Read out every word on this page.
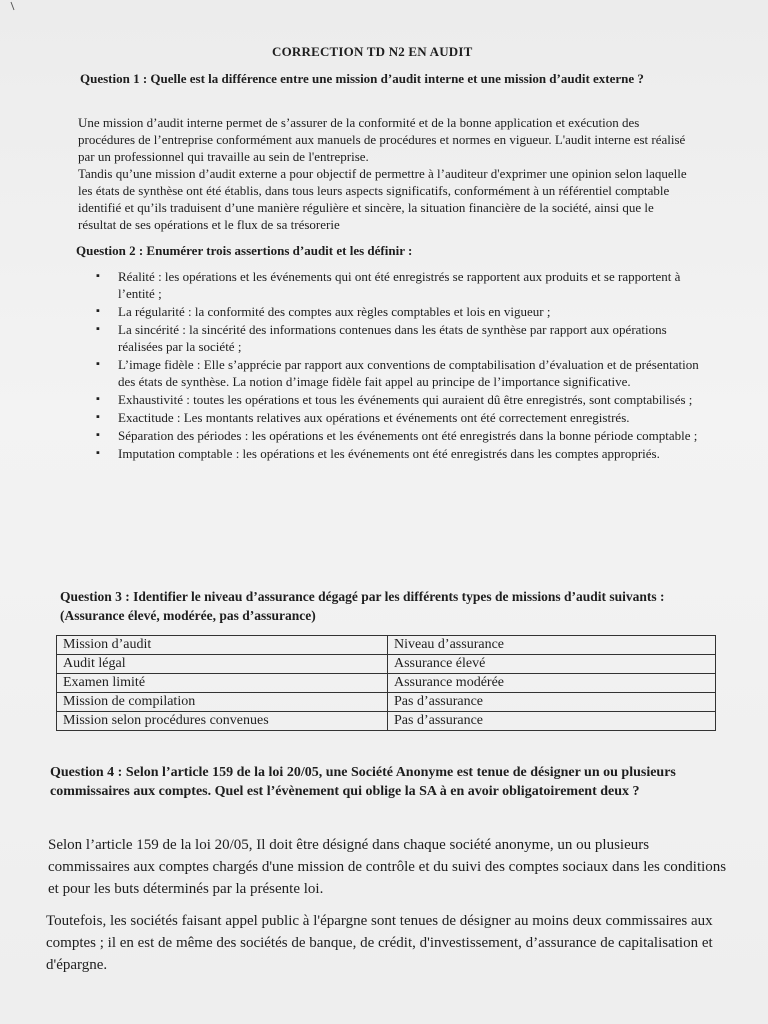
CORRECTION TD N2 EN AUDIT
Question 1 : Quelle est la différence entre une mission d’audit interne et une mission d’audit externe ?

Une mission d’audit interne permet de s’assurer de la conformité et de la bonne application et exécution des procédures de l’entreprise conformément aux manuels de procédures et normes en vigueur. L'audit interne est réalisé par un professionnel qui travaille au sein de l'entreprise.

Tandis qu’une mission d’audit externe a pour objectif de permettre à l’auditeur d'exprimer une opinion selon laquelle les états de synthèse ont été établis, dans tous leurs aspects significatifs, conformément à un référentiel comptable identifié et qu’ils traduisent d’une manière régulière et sincère, la situation financière de la société, ainsi que le résultat de ses opérations et le flux de sa trésorerie

Question 2 : Enumérer trois assertions d’audit et les définir :
▪ Réalité : les opérations et les événements qui ont été enregistrés se rapportent aux produits et se rapportent à l’entité ;
▪ La régularité : la conformité des comptes aux règles comptables et lois en vigueur ;
▪ La sincérité : la sincérité des informations contenues dans les états de synthèse par rapport aux opérations réalisées par la société ;
▪ L’image fidèle : Elle s’apprécie par rapport aux conventions de comptabilisation d’évaluation et de présentation des états de synthèse. La notion d’image fidèle fait appel au principe de l’importance significative.
▪ Exhaustivité : toutes les opérations et tous les événements qui auraient dû être enregistrés, sont comptabilisés ;
▪ Exactitude : Les montants relatives aux opérations et événements ont été correctement enregistrés.
▪ Séparation des périodes : les opérations et les événements ont été enregistrés dans la bonne période comptable ;
▪ Imputation comptable : les opérations et les événements ont été enregistrés dans les comptes appropriés.
Question 3 : Identifier le niveau d’assurance dégagé par les différents types de missions d’audit suivants : (Assurance élevé, modérée, pas d’assurance)
Mission d’audit	Niveau d’assurance
Audit légal	Assurance élevé
Examen limité	Assurance modérée
Mission de compilation	Pas d’assurance
Mission selon procédures convenues	Pas d’assurance
Question 4 : Selon l’article 159 de la loi 20/05, une Société Anonyme est tenue de désigner un ou plusieurs commissaires aux comptes. Quel est l’évènement qui oblige la SA à en avoir obligatoirement deux ?

Selon l’article 159 de la loi 20/05, Il doit être désigné dans chaque société anonyme, un ou plusieurs commissaires aux comptes chargés d'une mission de contrôle et du suivi des comptes sociaux dans les conditions et pour les buts déterminés par la présente loi.

Toutefois, les sociétés faisant appel public à l'épargne sont tenues de désigner au moins deux commissaires aux comptes ; il en est de même des sociétés de banque, de crédit, d'investissement, d’assurance de capitalisation et d'épargne.
